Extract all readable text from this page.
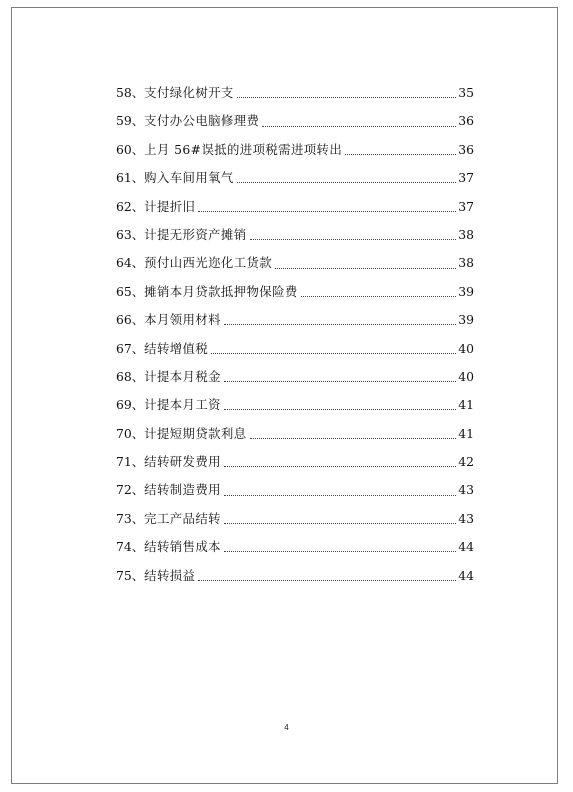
58 、 支付绿化树开支	35
59 、 支付办公电脑修理费	36
60 、 上月 56#误抵的进项税需进项转出	36
61 、 购入车间用氧气	37
62 、 计提折旧	37
63 、 计提无形资产摊销	38
64 、 预付山西光迩化工货款	38
65 、 摊销本月贷款抵押物保险费	39
66 、 本月领用材料	39
67 、 结转增值税	40
68 、 计提本月税金	40
69 、 计提本月工资	41
70 、 计提短期贷款利息	41
71 、 结转研发费用	42
72 、 结转制造费用	43
73 、 完工产品结转	43
74 、 结转销售成本	44
75 、 结转损益	44
4
